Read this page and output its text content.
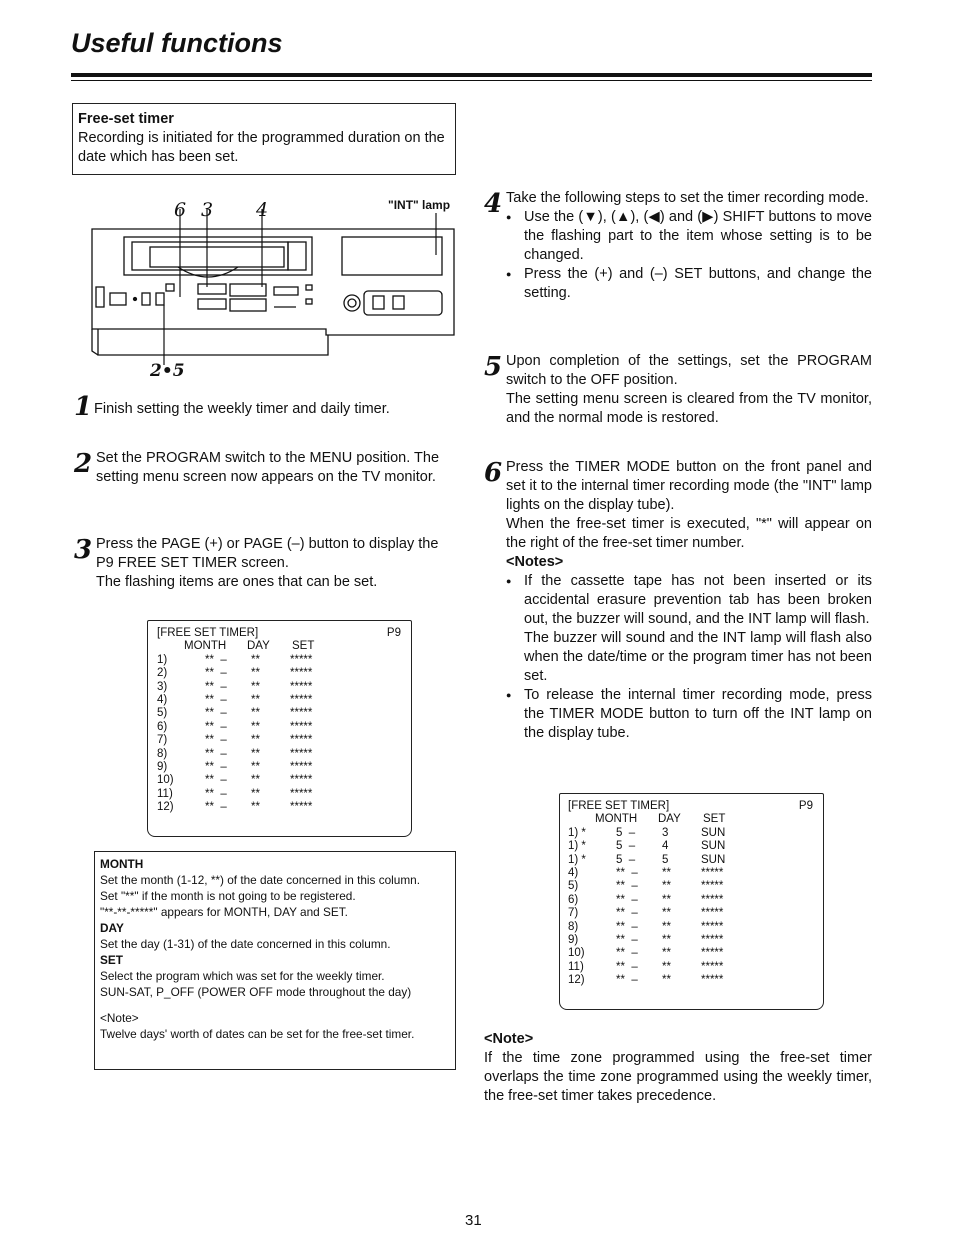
Useful functions
Free-set timer
Recording is initiated for the programmed duration on the date which has been set.
6 3 4
2•5
"INT" lamp
1 Finish setting the weekly timer and daily timer.
2 Set the PROGRAM switch to the MENU position. The setting menu screen now appears on the TV monitor.
3 Press the PAGE (+) or PAGE (–) button to display the P9 FREE SET TIMER screen.
The flashing items are ones that can be set.
[FREE SET TIMER]	P9
MONTH	DAY	SET
1)	**  –	**	*****
2)	**  –	**	*****
3)	**  –	**	*****
4)	**  –	**	*****
5)	**  –	**	*****
6)	**  –	**	*****
7)	**  –	**	*****
8)	**  –	**	*****
9)	**  –	**	*****
10)	**  –	**	*****
11)	**  –	**	*****
12)	**  –	**	*****
MONTH
Set the month (1-12, **) of the date concerned in this column.
Set "**" if the month is not going to be registered.
"**-**-*****" appears for MONTH, DAY and SET.
DAY
Set the day (1-31) of the date concerned in this column.
SET
Select the program which was set for the weekly timer.
SUN-SAT, P_OFF (POWER OFF mode throughout the day)
<Note>
Twelve days' worth of dates can be set for the free-set timer.
4 Take the following steps to set the timer recording mode.
● Use the (▼), (▲), (◀) and (▶) SHIFT buttons to move the flashing part to the item whose setting is to be changed.
● Press the (+) and (–) SET buttons, and change the setting.
5 Upon completion of the settings, set the PROGRAM switch to the OFF position.
The setting menu screen is cleared from the TV monitor, and the normal mode is restored.
6 Press the TIMER MODE button on the front panel and set it to the internal timer recording mode (the "INT" lamp lights on the display tube).
When the free-set timer is executed, "*" will appear on the right of the free-set timer number.
<Notes>
● If the cassette tape has not been inserted or its accidental erasure prevention tab has been broken out, the buzzer will sound, and the INT lamp will flash.
The buzzer will sound and the INT lamp will flash also when the date/time or the program timer has not been set.
● To release the internal timer recording mode, press the TIMER MODE button to turn off the INT lamp on the display tube.
[FREE SET TIMER]	P9
MONTH	DAY	SET
1) *	5  –	3	SUN
1) *	5  –	4	SUN
1) *	5  –	5	SUN
4)	**  –	**	*****
5)	**  –	**	*****
6)	**  –	**	*****
7)	**  –	**	*****
8)	**  –	**	*****
9)	**  –	**	*****
10)	**  –	**	*****
11)	**  –	**	*****
12)	**  –	**	*****
<Note>
If the time zone programmed using the free-set timer overlaps the time zone programmed using the weekly timer, the free-set timer takes precedence.
31
